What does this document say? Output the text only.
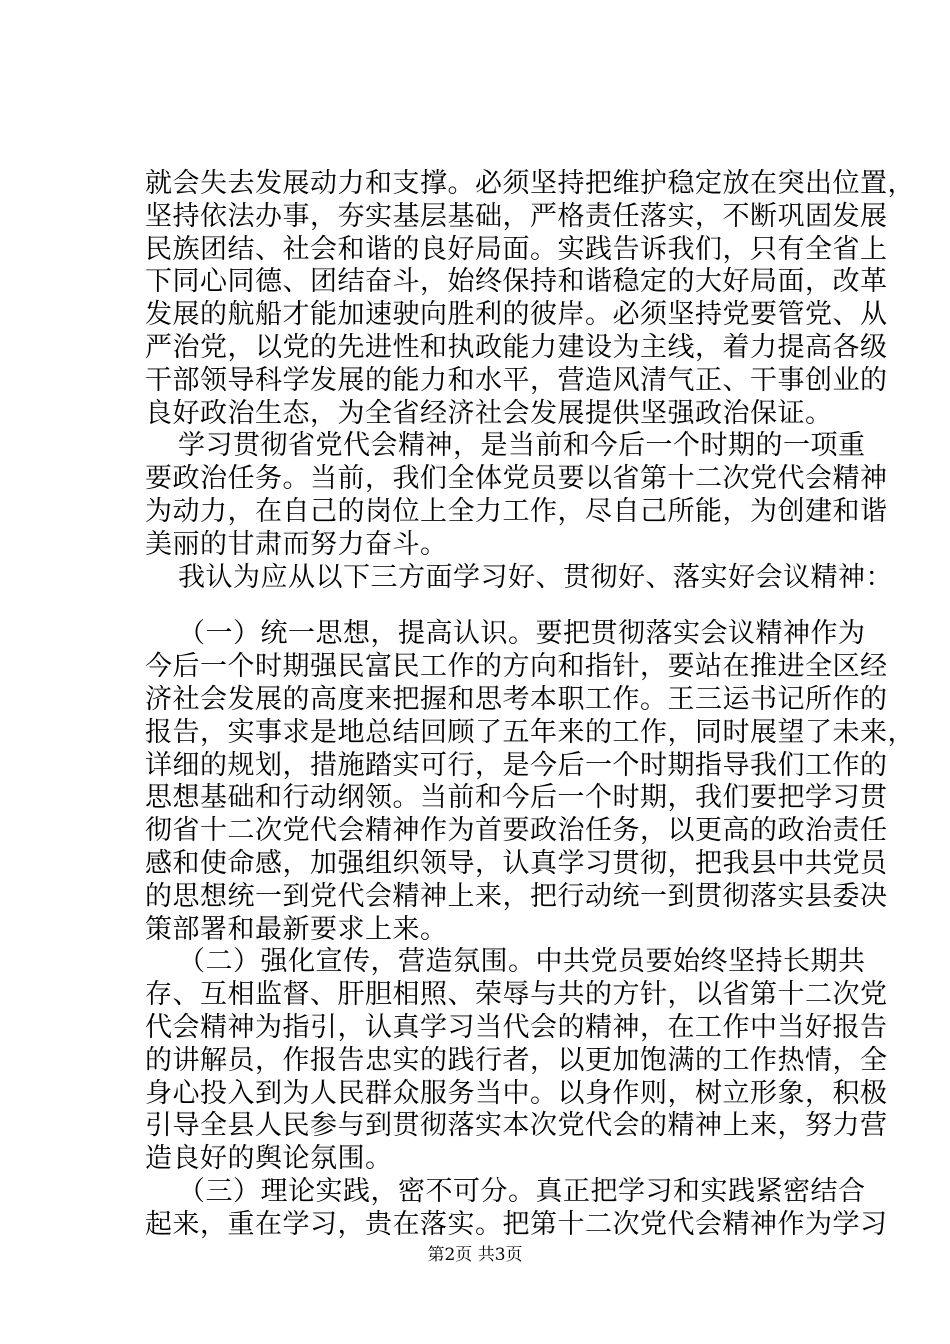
就会失去发展动力和支撑。必须坚持把维护稳定放在突出位置，
坚持依法办事，夯实基层基础，严格责任落实，不断巩固发展
民族团结、社会和谐的良好局面。实践告诉我们，只有全省上
下同心同德、团结奋斗，始终保持和谐稳定的大好局面，改革
发展的航船才能加速驶向胜利的彼岸。必须坚持党要管党、从
严治党，以党的先进性和执政能力建设为主线，着力提高各级
干部领导科学发展的能力和水平，营造风清气正、干事创业的
良好政治生态，为全省经济社会发展提供坚强政治保证。
学习贯彻省党代会精神，是当前和今后一个时期的一项重
要政治任务。当前，我们全体党员要以省第十二次党代会精神
为动力，在自己的岗位上全力工作，尽自己所能，为创建和谐
美丽的甘肃而努力奋斗。
我认为应从以下三方面学习好、贯彻好、落实好会议精神：
（一）统一思想，提高认识。要把贯彻落实会议精神作为
今后一个时期强民富民工作的方向和指针，要站在推进全区经
济社会发展的高度来把握和思考本职工作。王三运书记所作的
报告，实事求是地总结回顾了五年来的工作，同时展望了未来，
详细的规划，措施踏实可行，是今后一个时期指导我们工作的
思想基础和行动纲领。当前和今后一个时期，我们要把学习贯
彻省十二次党代会精神作为首要政治任务，以更高的政治责任
感和使命感，加强组织领导，认真学习贯彻，把我县中共党员
的思想统一到党代会精神上来，把行动统一到贯彻落实县委决
策部署和最新要求上来。
（二）强化宣传，营造氛围。中共党员要始终坚持长期共
存、互相监督、肝胆相照、荣辱与共的方针，以省第十二次党
代会精神为指引，认真学习当代会的精神，在工作中当好报告
的讲解员，作报告忠实的践行者，以更加饱满的工作热情，全
身心投入到为人民群众服务当中。以身作则，树立形象，积极
引导全县人民参与到贯彻落实本次党代会的精神上来，努力营
造良好的舆论氛围。
（三）理论实践，密不可分。真正把学习和实践紧密结合
起来，重在学习，贵在落实。把第十二次党代会精神作为学习
第2页 共3页
